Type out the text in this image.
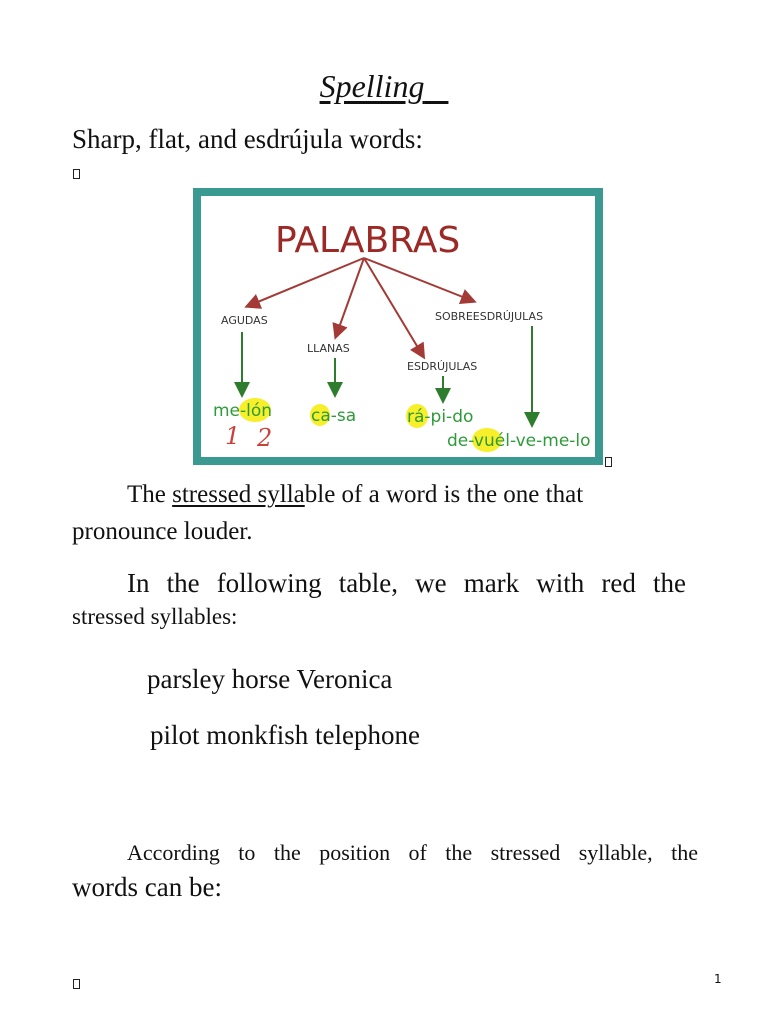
Spelling
Sharp, flat, and esdrújula words:
PALABRAS
AGUDAS
LLANAS
ESDRÚJULAS
SOBREESDRÚJULAS
me-lón ca-sa	rá-pi-do
de-vuél-ve-me-lo
1 2
The stressed syllable of a word is the one that
pronounce louder.
In the following table, we mark with red the
stressed syllables:
parsley horse Veronica
pilot monkfish telephone
According to the position of the stressed syllable, the
words can be:
1
